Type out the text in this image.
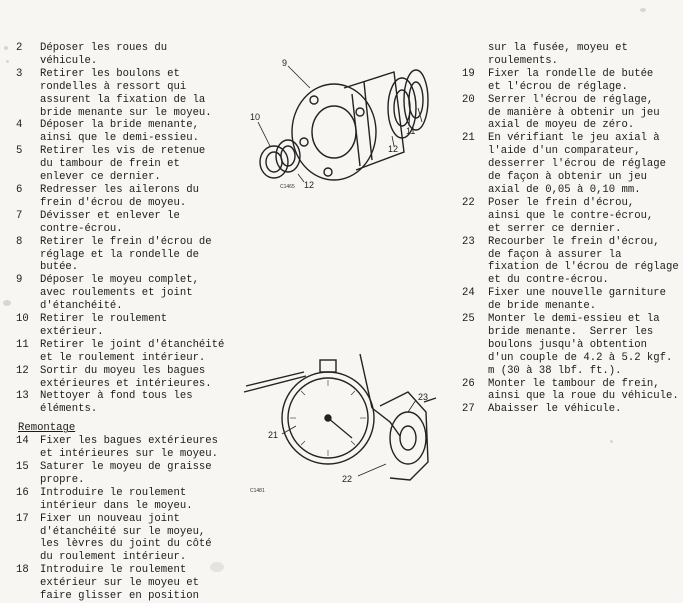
2	Déposer les roues du
véhicule.

3	Retirer les boulons et
rondelles à ressort qui
assurent la fixation de la
bride menante sur le moyeu.

4	Déposer la bride menante,
ainsi que le demi-essieu.

5	Retirer les vis de retenue
du tambour de frein et
enlever ce dernier.

6	Redresser les ailerons du
frein d'écrou de moyeu.

7	Dévisser et enlever le
contre-écrou.

8	Retirer le frein d'écrou de
réglage et la rondelle de
butée.

9	Déposer le moyeu complet,
avec roulements et joint
d'étanchéité.

10	Retirer le roulement
extérieur.

11	Retirer le joint d'étanchéité
et le roulement intérieur.

12	Sortir du moyeu les bagues
extérieures et intérieures.

13	Nettoyer à fond tous les
éléments.

Remontage

14	Fixer les bagues extérieures
et intérieures sur le moyeu.

15	Saturer le moyeu de graisse
propre.

16	Introduire le roulement
intérieur dans le moyeu.

17	Fixer un nouveau joint
d'étanchéité sur le moyeu,
les lèvres du joint du côté
du roulement intérieur.

18	Introduire le roulement
extérieur sur le moyeu et
faire glisser en position

sur la fusée, moyeu et
roulements.

19	Fixer la rondelle de butée
et l'écrou de réglage.

20	Serrer l'écrou de réglage,
de manière à obtenir un jeu
axial de moyeu de zéro.

21	En vérifiant le jeu axial à
l'aide d'un comparateur,
desserrer l'écrou de réglage
de façon à obtenir un jeu
axial de 0,05 à 0,10 mm.

22	Poser le frein d'écrou,
ainsi que le contre-écrou,
et serrer ce dernier.

23	Recourber le frein d'écrou,
de façon à assurer la
fixation de l'écrou de réglage
et du contre-écrou.

24	Fixer une nouvelle garniture
de bride menante.

25	Monter le demi-essieu et la
bride menante.  Serrer les
boulons jusqu'à obtention
d'un couple de 4.2 à 5.2 kgf.
m (30 à 38 lbf. ft.).

26	Monter le tambour de frein,
ainsi que la roue du véhicule.

27	Abaisser le véhicule.

9
10
11
12
12
C1465
21
22
23
C1481
